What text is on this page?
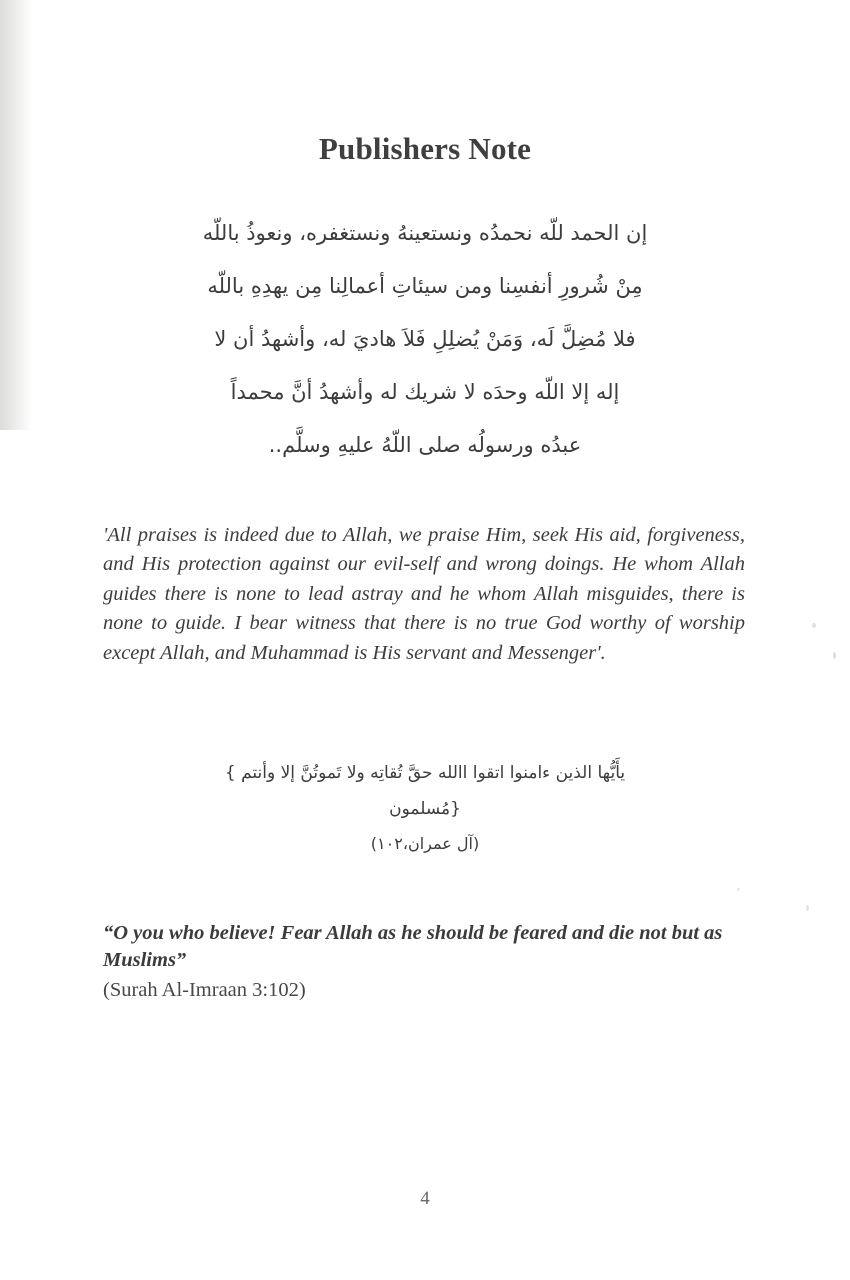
Publishers Note
إن الحمد للّه نحمدُه ونستعينهُ ونستغفره، ونعوذُ باللّه
مِنْ شُرورِ أنفسِنا ومن سيئاتِ أعمالِنا مِن يهدِهِ باللّه
فلا مُضِلَّ لَه، وَمَنْ يُضلِلِ فَلاَ هاديَ له، وأشهدُ أن لا
إله إلا اللّه وحدَه لا شريك له وأشهدُ أنَّ محمداً
عبدُه ورسولُه صلى اللّهُ عليهِ وسلَّم..

'All praises is indeed due to Allah, we praise Him, seek His aid, forgiveness, and His protection against our evil-self and wrong doings. He whom Allah guides there is none to lead astray and he whom Allah misguides, there is none to guide. I bear witness that there is no true God worthy of worship except Allah, and Muhammad is His servant and Messenger'.

يأَيُّها الذين ءامنوا اتقوا االله حقَّ تُقاتِه ولا تَموتُنَّ إلا وأنتم }
{مُسلمون
(آل عمران،١٠٢)

“O you who believe! Fear Allah as he should be feared and die not but as Muslims”

(Surah Al-Imraan 3:102)

4
